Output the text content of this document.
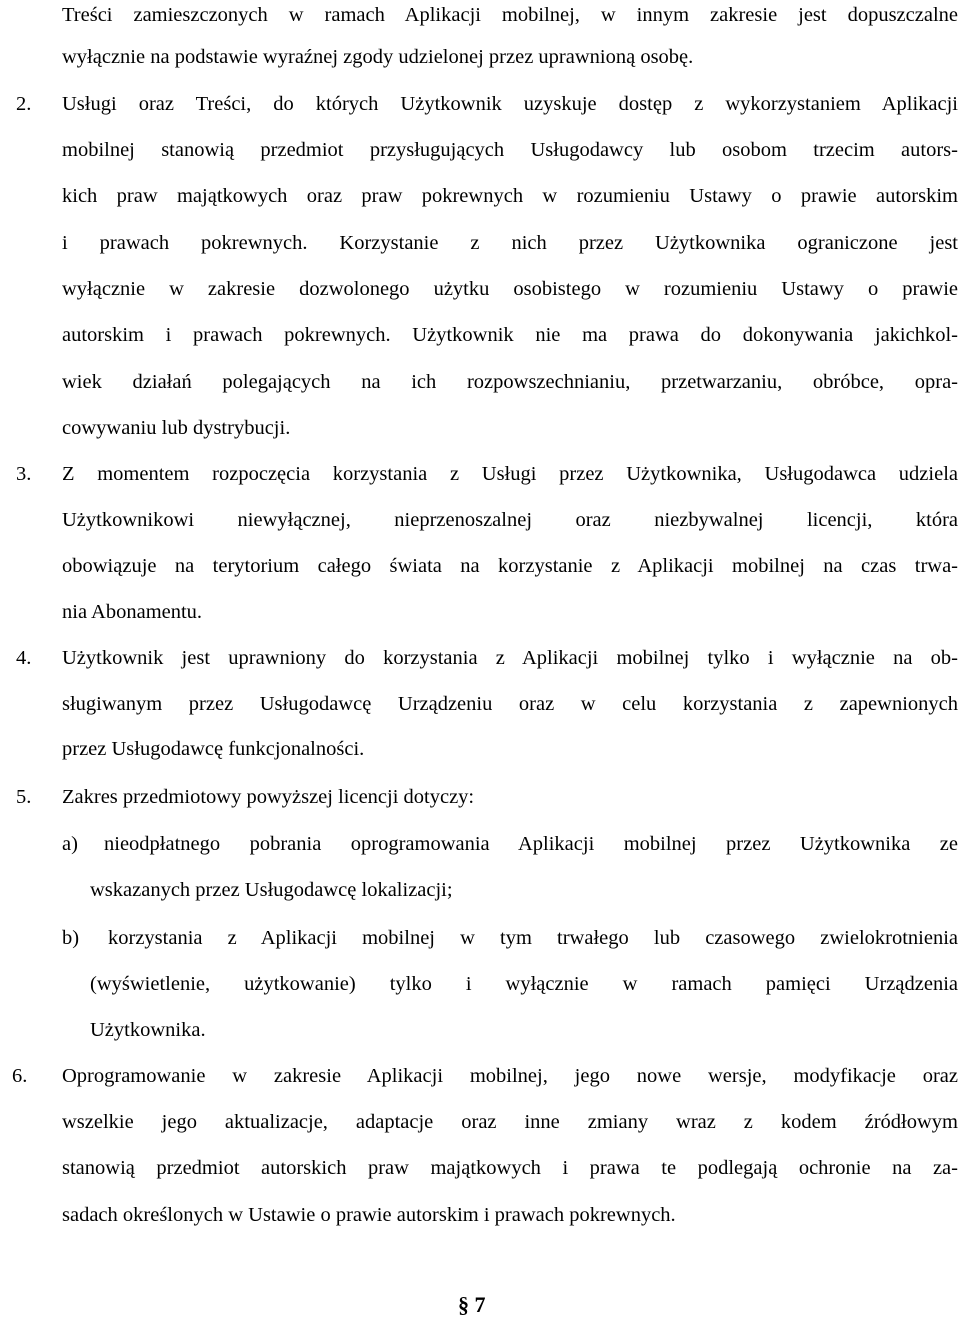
Treści zamieszczonych w ramach Aplikacji mobilnej, w innym zakresie jest dopuszczalne
wyłącznie na podstawie wyraźnej zgody udzielonej przez uprawnioną osobę.
2. Usługi oraz Treści, do których Użytkownik uzyskuje dostęp z wykorzystaniem Aplikacji
mobilnej stanowią przedmiot przysługujących Usługodawcy lub osobom trzecim autors-
kich praw majątkowych oraz praw pokrewnych w rozumieniu Ustawy o prawie autorskim
i prawach pokrewnych. Korzystanie z nich przez Użytkownika ograniczone jest
wyłącznie w zakresie dozwolonego użytku osobistego w rozumieniu Ustawy o prawie
autorskim i prawach pokrewnych. Użytkownik nie ma prawa do dokonywania jakichkol-
wiek działań polegających na ich rozpowszechnianiu, przetwarzaniu, obróbce, opra-
cowywaniu lub dystrybucji.
3. Z momentem rozpoczęcia korzystania z Usługi przez Użytkownika, Usługodawca udziela
Użytkownikowi niewyłącznej, nieprzenoszalnej oraz niezbywalnej licencji, która
obowiązuje na terytorium całego świata na korzystanie z Aplikacji mobilnej na czas trwa-
nia Abonamentu.
4. Użytkownik jest uprawniony do korzystania z Aplikacji mobilnej tylko i wyłącznie na ob-
sługiwanym przez Usługodawcę Urządzeniu oraz w celu korzystania z zapewnionych
przez Usługodawcę funkcjonalności.
5. Zakres przedmiotowy powyższej licencji dotyczy:
a) nieodpłatnego pobrania oprogramowania Aplikacji mobilnej przez Użytkownika ze
wskazanych przez Usługodawcę lokalizacji;
b) korzystania z Aplikacji mobilnej w tym trwałego lub czasowego zwielokrotnienia
(wyświetlenie, użytkowanie) tylko i wyłącznie w ramach pamięci Urządzenia
Użytkownika.
6. Oprogramowanie w zakresie Aplikacji mobilnej, jego nowe wersje, modyfikacje oraz
wszelkie jego aktualizacje, adaptacje oraz inne zmiany wraz z kodem źródłowym
stanowią przedmiot autorskich praw majątkowych i prawa te podlegają ochronie na za-
sadach określonych w Ustawie o prawie autorskim i prawach pokrewnych.
§ 7
